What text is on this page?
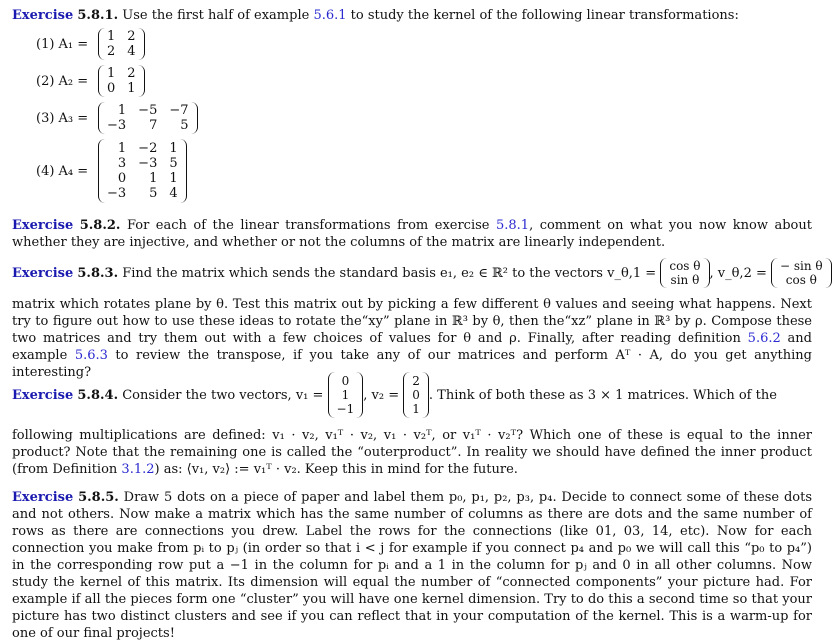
Exercise 5.8.1. Use the first half of example 5.6.1 to study the kernel of the following linear transformations:
(1) A₁ =	1 2
2 4
(2) A₂ =	1 2
0 1
(3) A₃ =	1 −5 −7
−3	7	5
(4) A₄ =
1 −2 1
3 −3 5
0	1 1
−3	5 4
Exercise 5.8.2. For each of the linear transformations from exercise 5.8.1, comment on what you now know about whether they are injective, and whether or not the columns of the matrix are linearly independent.
Exercise
5.8.3.
Find the matrix which sends the standard basis e₁, e₂ ∈ ℝ² to the vectors v_θ,1 =
cos θ
sin θ , v_θ,2 =
− sin θ
cos θ
matrix which rotates plane by θ. Test this matrix out by picking a few different θ values and seeing what happens. Next try to figure out how to use these ideas to rotate the“xy” plane in ℝ³ by θ, then the“xz” plane in ℝ³ by ρ. Compose these two matrices and try them out with a few choices of values for θ and ρ. Finally, after reading definition 5.6.2 and example 5.6.3 to review the transpose, if you take any of our matrices and perform Aᵀ · A, do you get anything interesting?
Exercise
5.8.4.
Consider the two vectors, v₁ =

0
1
−1
, v₂ =

2
0
1
. Think of both these as 3 × 1 matrices. Which of the
following multiplications are defined: v₁ · v₂, v₁ᵀ · v₂, v₁ · v₂ᵀ, or v₁ᵀ · v₂ᵀ? Which one of these is equal to the inner product? Note that the remaining one is called the “outerproduct”. In reality we should have defined the inner product (from Definition 3.1.2) as: ⟨v₁, v₂⟩ := v₁ᵀ · v₂. Keep this in mind for the future.
Exercise 5.8.5. Draw 5 dots on a piece of paper and label them p₀, p₁, p₂, p₃, p₄. Decide to connect some of these dots and not others. Now make a matrix which has the same number of columns as there are dots and the same number of rows as there are connections you drew. Label the rows for the connections (like 01, 03, 14, etc). Now for each connection you make from pᵢ to pⱼ (in order so that i < j for example if you connect p₄ and p₀ we will call this “p₀ to p₄”) in the corresponding row put a −1 in the column for pᵢ and a 1 in the column for pⱼ and 0 in all other columns. Now study the kernel of this matrix. Its dimension will equal the number of “connected components” your picture had. For example if all the pieces form one “cluster” you will have one kernel dimension. Try to do this a second time so that your picture has two distinct clusters and see if you can reflect that in your computation of the kernel. This is a warm-up for one of our final projects!
